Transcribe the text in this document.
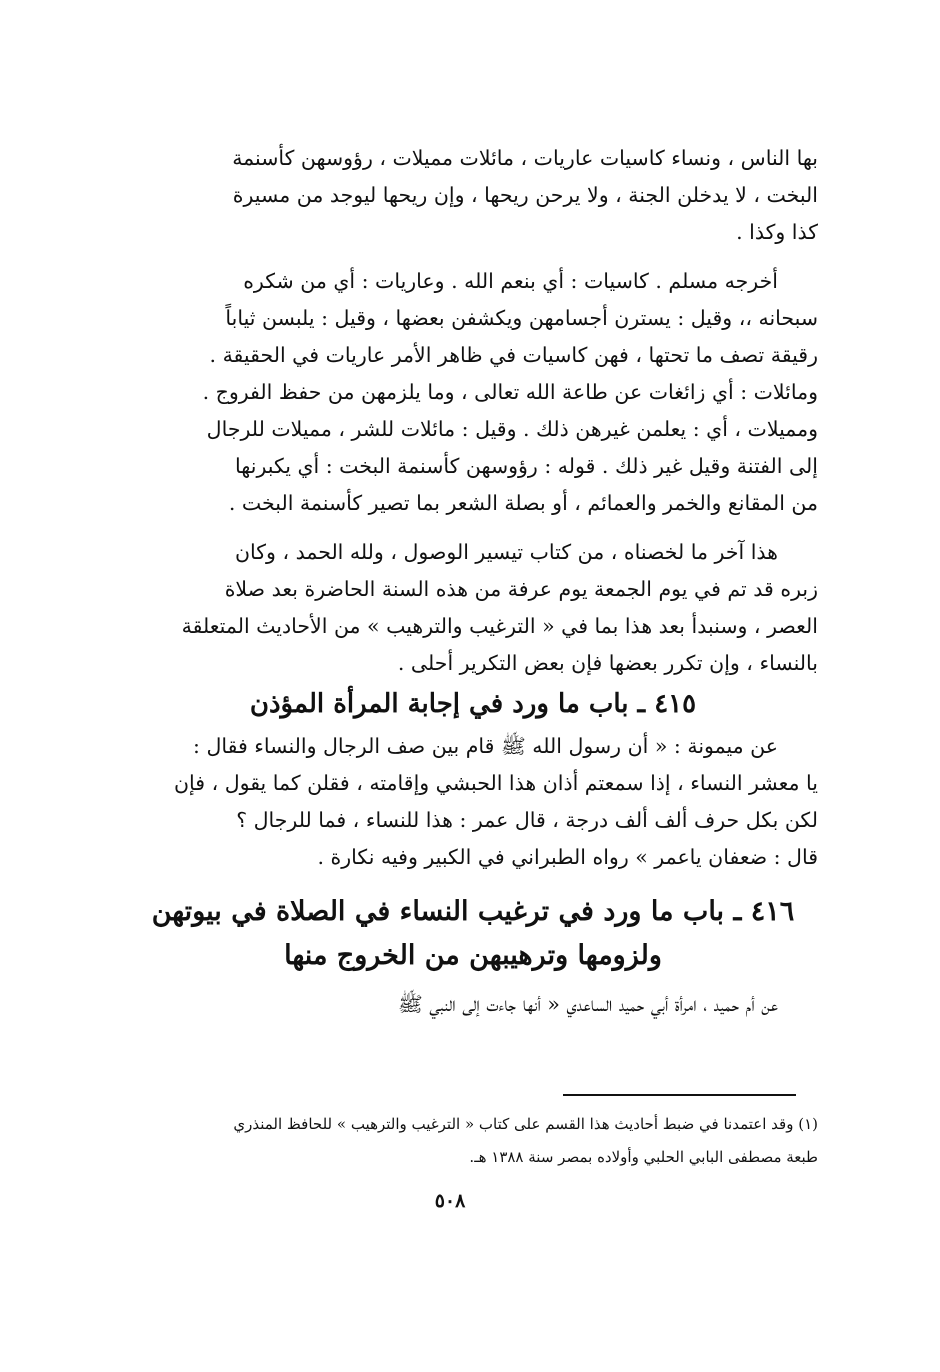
بها الناس ، ونساء كاسيات عاريات ، مائلات مميلات ، رؤوسهن كأسنمة

البخت ، لا يدخلن الجنة ، ولا يرحن ريحها ، وإن ريحها ليوجد من مسيرة

كذا وكذا .

أخرجه مسلم . كاسيات : أي بنعم الله . وعاريات : أي من شكره

سبحانه ،، وقيل : يسترن أجسامهن ويكشفن بعضها ، وقيل : يلبسن ثياباً

رقيقة تصف ما تحتها ، فهن كاسيات في ظاهر الأمر عاريات في الحقيقة .

ومائلات : أي زائغات عن طاعة الله تعالى ، وما يلزمهن من حفظ الفروج .

ومميلات ، أي : يعلمن غيرهن ذلك . وقيل : مائلات للشر ، مميلات للرجال

إلى الفتنة وقيل غير ذلك . قوله : رؤوسهن كأسنمة البخت : أي يكبرنها

من المقانع والخمر والعمائم ، أو بصلة الشعر بما تصير كأسنمة البخت .

هذا آخر ما لخصناه ، من كتاب تيسير الوصول ، ولله الحمد ، وكان

زبره قد تم في يوم الجمعة يوم عرفة من هذه السنة الحاضرة بعد صلاة

العصر ، وسنبدأ بعد هذا بما في « الترغيب والترهيب » من الأحاديث المتعلقة

بالنساء ، وإن تكرر بعضها فإن بعض التكرير أحلى .

٤١٥ ـ باب ما ورد في إجابة المرأة المؤذن

عن ميمونة : « أن رسول الله ﷺ قام بين صف الرجال والنساء فقال :

يا معشر النساء ، إذا سمعتم أذان هذا الحبشي وإقامته ، فقلن كما يقول ، فإن

لكن بكل حرف ألف ألف درجة ، قال عمر : هذا للنساء ، فما للرجال ؟

قال : ضعفان ياعمر » رواه الطبراني في الكبير وفيه نكارة .

٤١٦ ـ باب ما ورد في ترغيب النساء في الصلاة في بيوتهن
ولزومها وترهيبهن من الخروج منها

عن أم حميد ، امرأة أبي حميد الساعدي « أنها جاءت إلى النبي ﷺ

(١) وقد اعتمدنا في ضبط أحاديث هذا القسم على كتاب « الترغيب والترهيب » للحافظ المنذري

طبعة مصطفى البابي الحلبي وأولاده بمصر سنة ١٣٨٨ هـ.

٥٠٨
